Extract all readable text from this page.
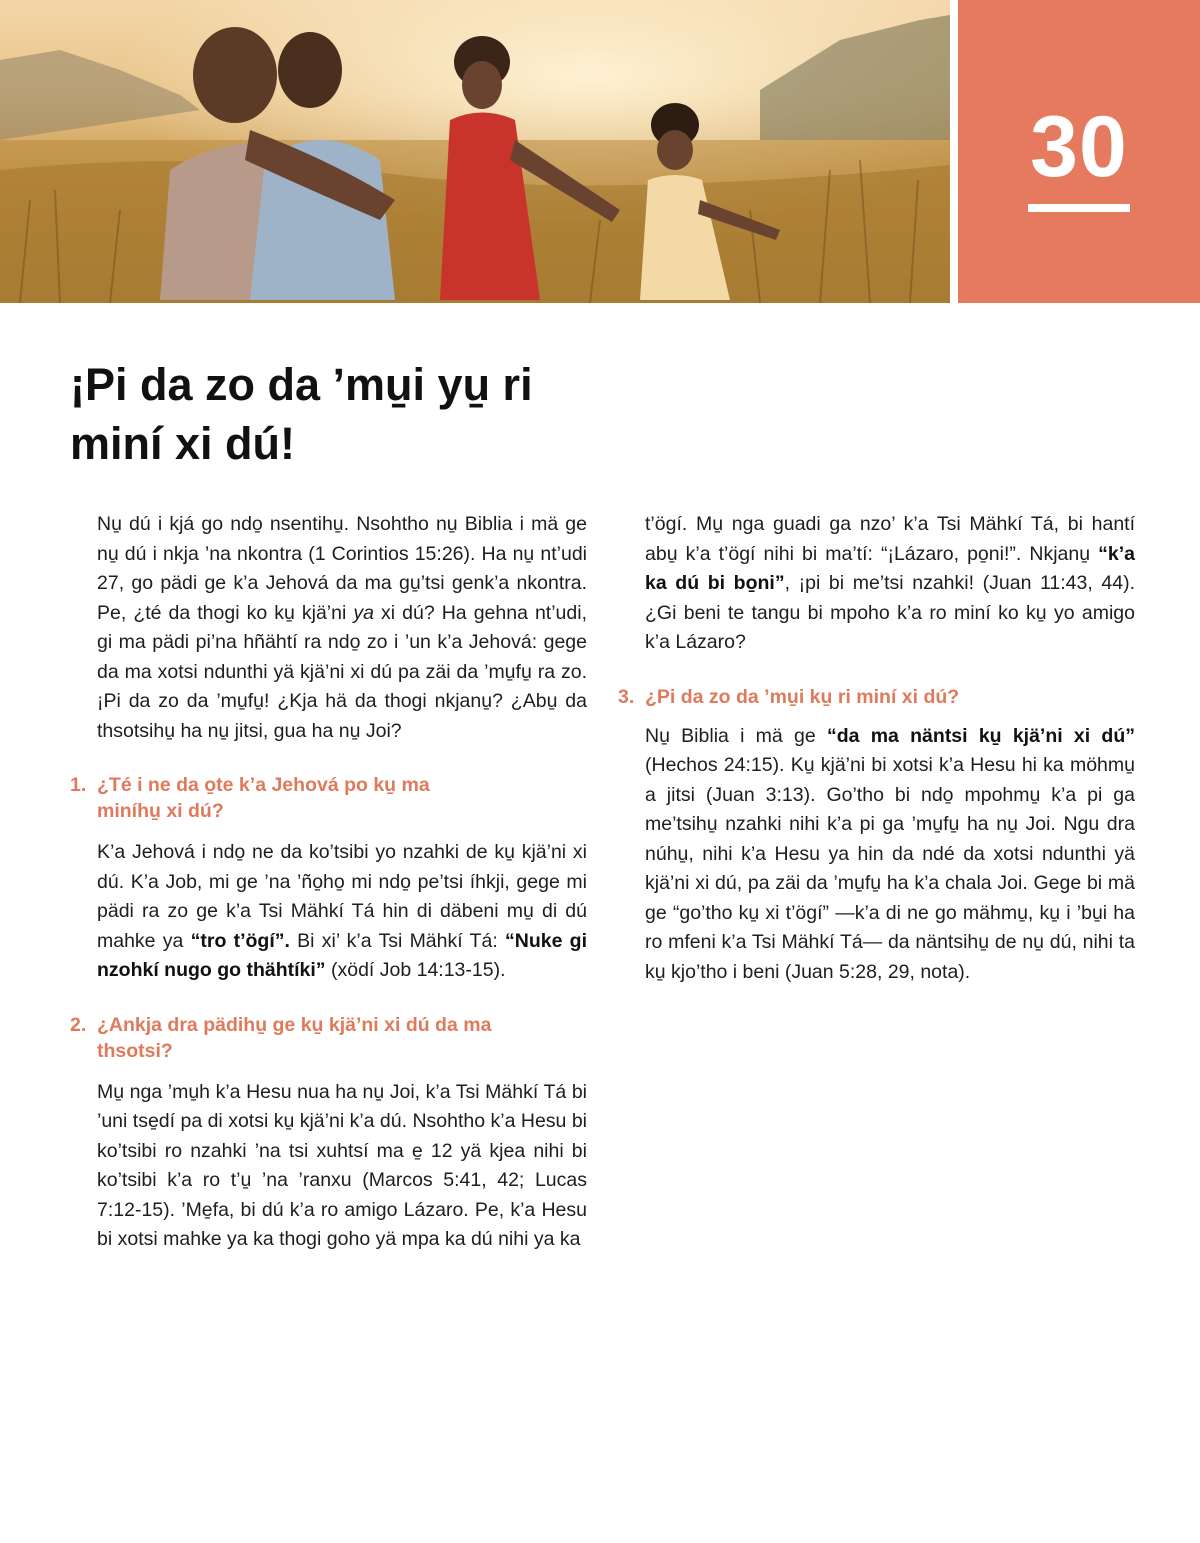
30
¡Pi da zo da ’mu̱i yu̱ ri miní xi dú!

Nu̱ dú i kjá go ndo̱ nsentihu̱. Nsohtho nu̱ Biblia i mä ge nu̱ dú i nkja ’na nkontra (1 Corintios 15:26). Ha nu̱ nt’udi 27, go pädi ge k’a Jehová da ma gu̱’tsi genk’a nkontra. Pe, ¿té da thogi ko ku̱ kjä’ni ya xi dú? Ha gehna nt’udi, gi ma pädi pi’na hñähtí ra ndo̱ zo i ’un k’a Jehová: gege da ma xotsi ndunthi yä kjä’ni xi dú pa zäi da ’mu̱fu̱ ra zo. ¡Pi da zo da ’mu̱fu̱! ¿Kja hä da thogi nkjanu̱? ¿Abu̱ da thsotsihu̱ ha nu̱ jitsi, gua ha nu̱ Joi?

1. ¿Té i ne da o̱te k’a Jehová po ku̱ ma miníhu̱ xi dú?

K’a Jehová i ndo̱ ne da ko’tsibi yo nzahki de ku̱ kjä’ni xi dú. K’a Job, mi ge ’na ’ño̱ho̱ mi ndo̱ pe’tsi íhkji, gege mi pädi ra zo ge k’a Tsi Mähkí Tá hin di däbeni mu̱ di dú mahke ya “tro t’ögí”. Bi xi’ k’a Tsi Mähkí Tá: “Nuke gi nzohkí nugo go thähtíki” (xödí Job 14:13-15).

2. ¿Ankja dra pädihu̱ ge ku̱ kjä’ni xi dú da ma thsotsi?

Mu̱ nga ’mu̱h k’a Hesu nua ha nu̱ Joi, k’a Tsi Mähkí Tá bi ’uni tse̱dí pa di xotsi ku̱ kjä’ni k’a dú. Nsohtho k’a Hesu bi ko’tsibi ro nzahki ’na tsi xuhtsí ma e̱ 12 yä kjea nihi bi ko’tsibi k’a ro t’u̱ ’na ’ranxu (Marcos 5:41, 42; Lucas 7:12-15). ’Me̱fa, bi dú k’a ro amigo Lázaro. Pe, k’a Hesu bi xotsi mahke ya ka thogi goho yä mpa ka dú nihi ya ka

t’ögí. Mu̱ nga guadi ga nzo’ k’a Tsi Mähkí Tá, bi hantí abu̱ k’a t’ögí nihi bi ma’tí: “¡Lázaro, po̱ni!”. Nkjanu̱ “k’a ka dú bi bo̱ni”, ¡pi bi me’tsi nzahki! (Juan 11:43, 44). ¿Gi beni te tangu bi mpoho k’a ro miní ko ku̱ yo amigo k’a Lázaro?

3. ¿Pi da zo da ’mu̱i ku̱ ri miní xi dú?

Nu̱ Biblia i mä ge “da ma näntsi ku̱ kjä’ni xi dú” (Hechos 24:15). Ku̱ kjä’ni bi xotsi k’a Hesu hi ka möhmu̱ a jitsi (Juan 3:13). Go’tho bi ndo̱ mpohmu̱ k’a pi ga me’tsihu̱ nzahki nihi k’a pi ga ’mu̱fu̱ ha nu̱ Joi. Ngu dra núhu̱, nihi k’a Hesu ya hin da ndé da xotsi ndunthi yä kjä’ni xi dú, pa zäi da ’mu̱fu̱ ha k’a chala Joi. Gege bi mä ge “go’tho ku̱ xi t’ögí” —k’a di ne go mähmu̱, ku̱ i ’bu̱i ha ro mfeni k’a Tsi Mähkí Tá— da näntsihu̱ de nu̱ dú, nihi ta ku̱ kjo’tho i beni (Juan 5:28, 29, nota).
